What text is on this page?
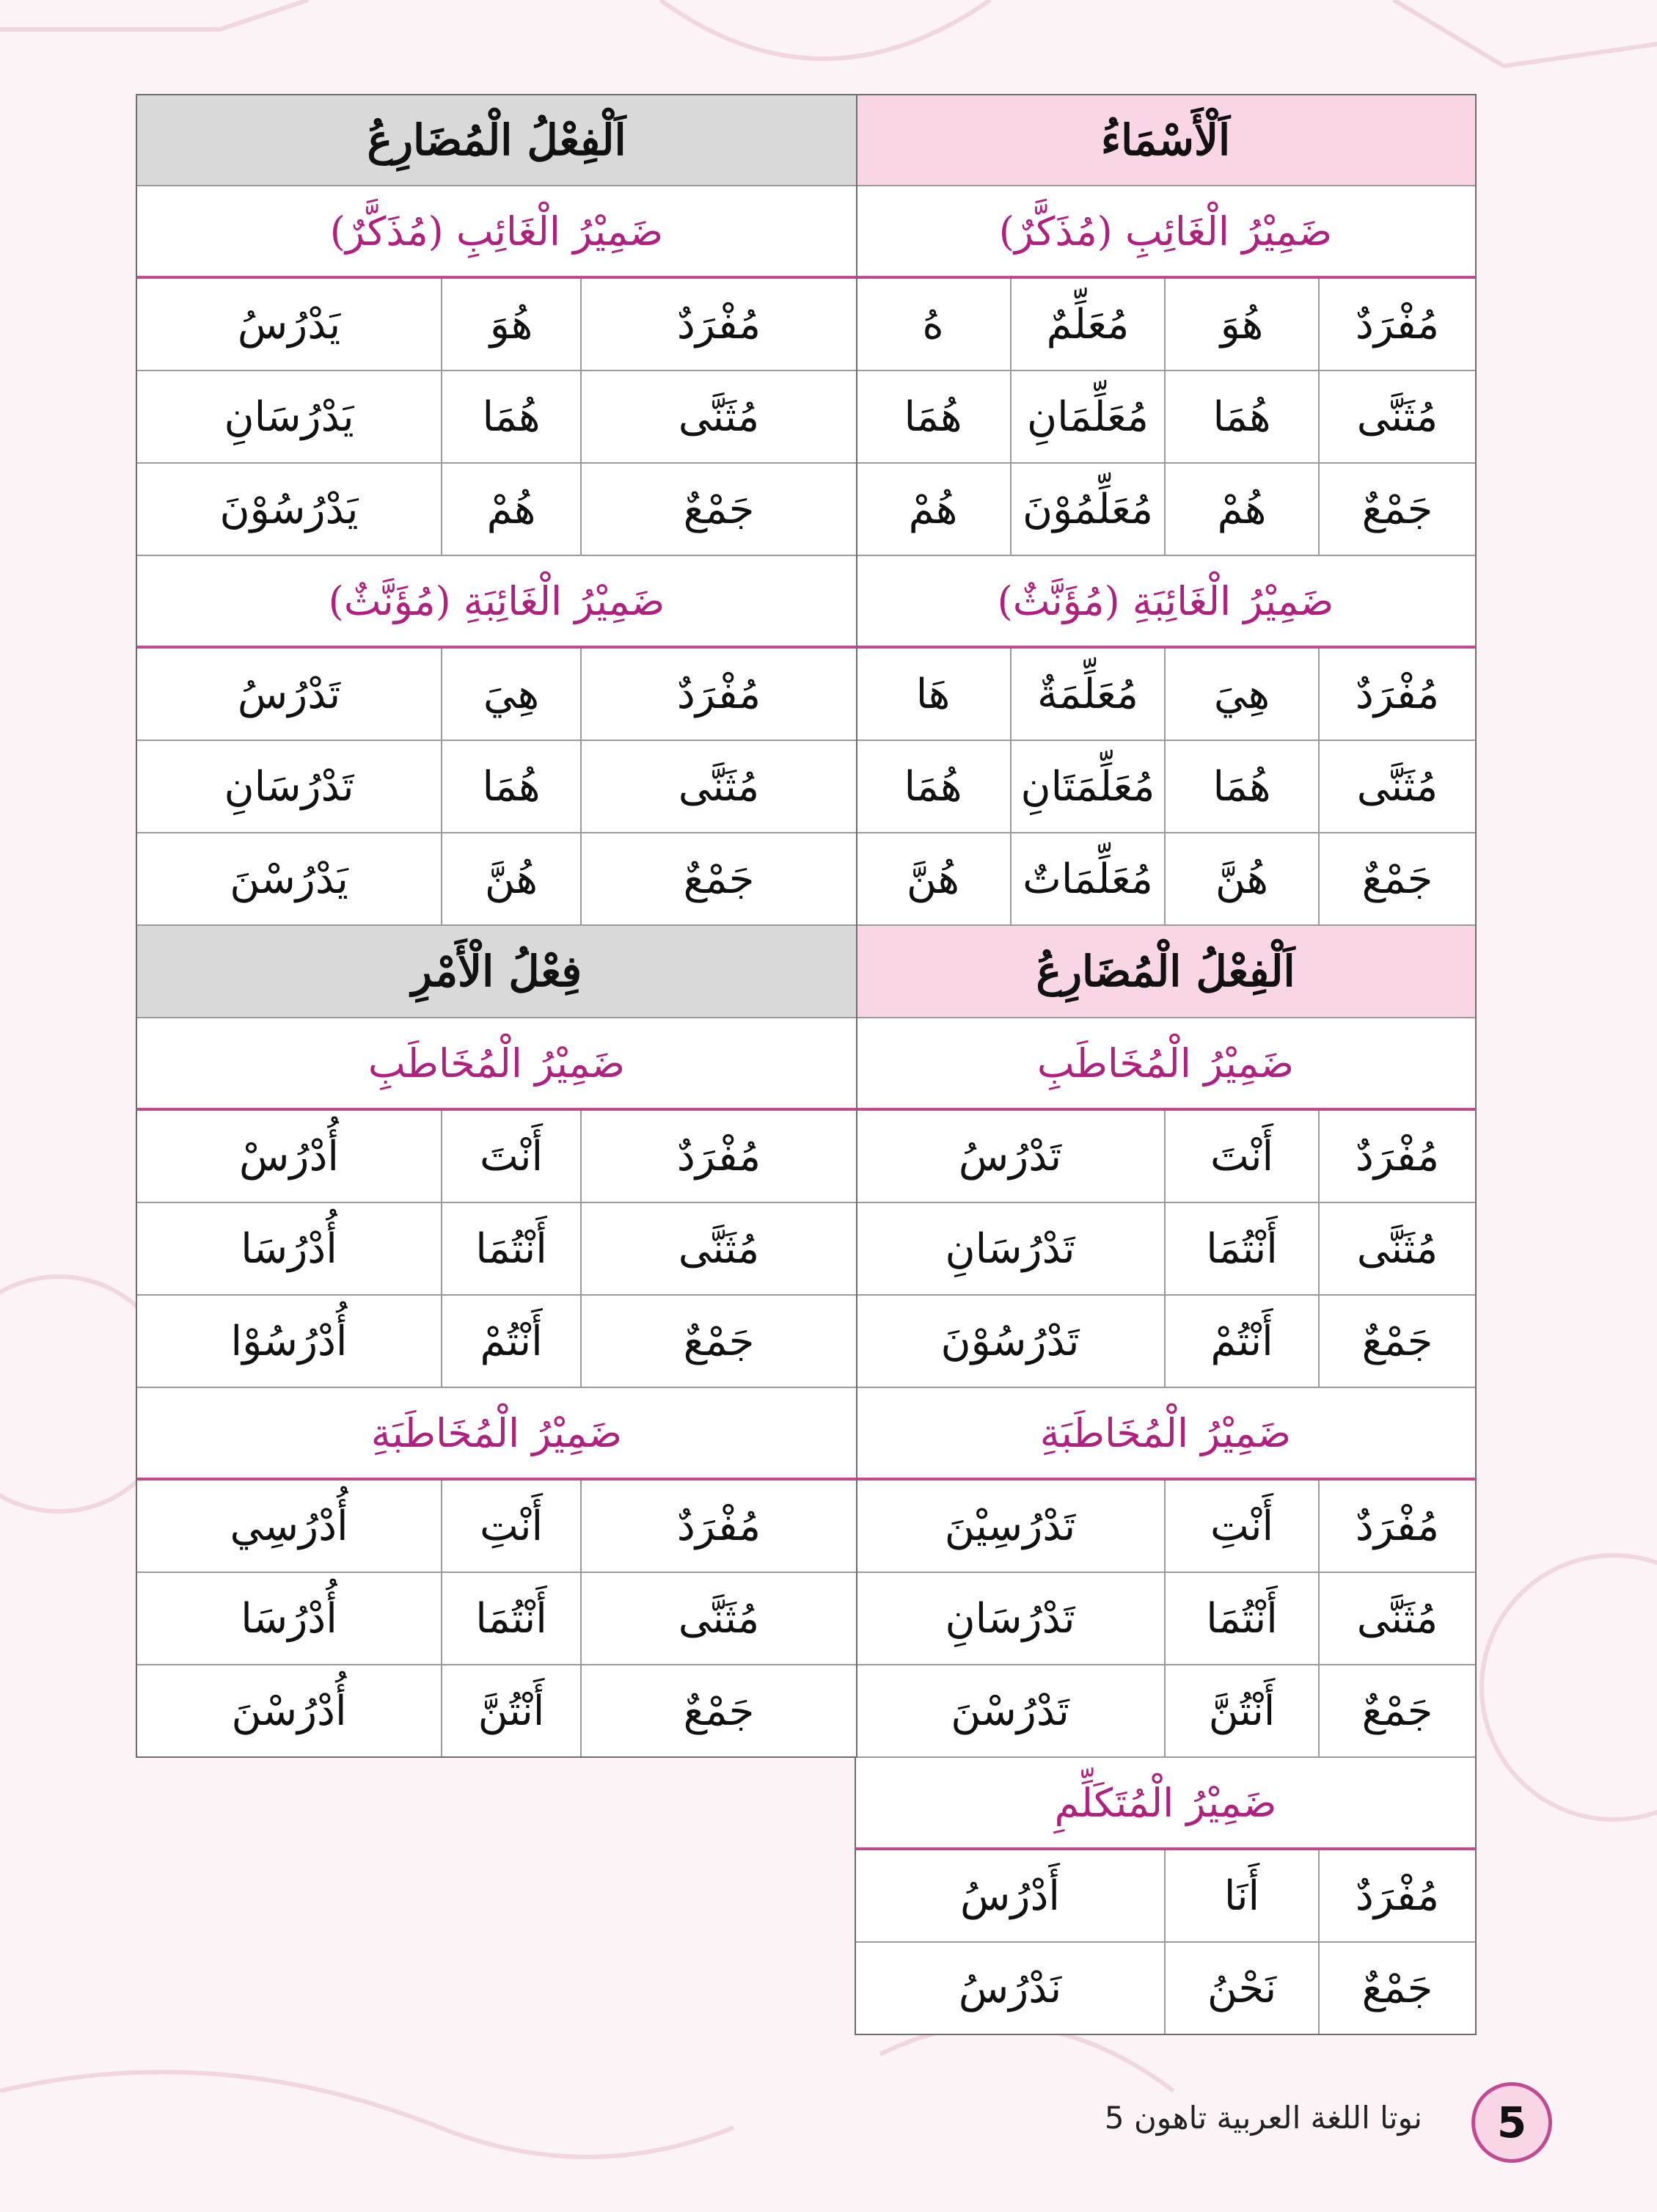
اَلْأَسْمَاءُ
ضَمِيْرُ الْغَائِبِ (مُذَكَّرٌ)
مُفْرَدٌ
هُوَ
مُعَلِّمٌ
هُ
مُثَنَّى
هُمَا
مُعَلِّمَانِ
هُمَا
جَمْعٌ
هُمْ
مُعَلِّمُوْنَ
هُمْ
ضَمِيْرُ الْغَائِبَةِ (مُؤَنَّثٌ)
مُفْرَدٌ
هِيَ
مُعَلِّمَةٌ
هَا
مُثَنَّى
هُمَا
مُعَلِّمَتَانِ
هُمَا
جَمْعٌ
هُنَّ
مُعَلِّمَاتٌ
هُنَّ
اَلْفِعْلُ الْمُضَارِعُ
ضَمِيْرُ الْمُخَاطَبِ
مُفْرَدٌ
أَنْتَ
تَدْرُسُ
مُثَنَّى
أَنْتُمَا
تَدْرُسَانِ
جَمْعٌ
أَنْتُمْ
تَدْرُسُوْنَ
ضَمِيْرُ الْمُخَاطَبَةِ
مُفْرَدٌ
أَنْتِ
تَدْرُسِيْنَ
مُثَنَّى
أَنْتُمَا
تَدْرُسَانِ
جَمْعٌ
أَنْتُنَّ
تَدْرُسْنَ
ضَمِيْرُ الْمُتَكَلِّمِ
مُفْرَدٌ
أَنَا
أَدْرُسُ
جَمْعٌ
نَحْنُ
نَدْرُسُ
اَلْفِعْلُ الْمُضَارِعُ
ضَمِيْرُ الْغَائِبِ (مُذَكَّرٌ)
مُفْرَدٌ
هُوَ
يَدْرُسُ
مُثَنَّى
هُمَا
يَدْرُسَانِ
جَمْعٌ
هُمْ
يَدْرُسُوْنَ
ضَمِيْرُ الْغَائِبَةِ (مُؤَنَّثٌ)
مُفْرَدٌ
هِيَ
تَدْرُسُ
مُثَنَّى
هُمَا
تَدْرُسَانِ
جَمْعٌ
هُنَّ
يَدْرُسْنَ
فِعْلُ الْأَمْرِ
ضَمِيْرُ الْمُخَاطَبِ
مُفْرَدٌ
أَنْتَ
أُدْرُسْ
مُثَنَّى
أَنْتُمَا
أُدْرُسَا
جَمْعٌ
أَنْتُمْ
أُدْرُسُوْا
ضَمِيْرُ الْمُخَاطَبَةِ
مُفْرَدٌ
أَنْتِ
أُدْرُسِي
مُثَنَّى
أَنْتُمَا
أُدْرُسَا
جَمْعٌ
أَنْتُنَّ
أُدْرُسْنَ
5
نوتا اللغة العربية تاهون 5
